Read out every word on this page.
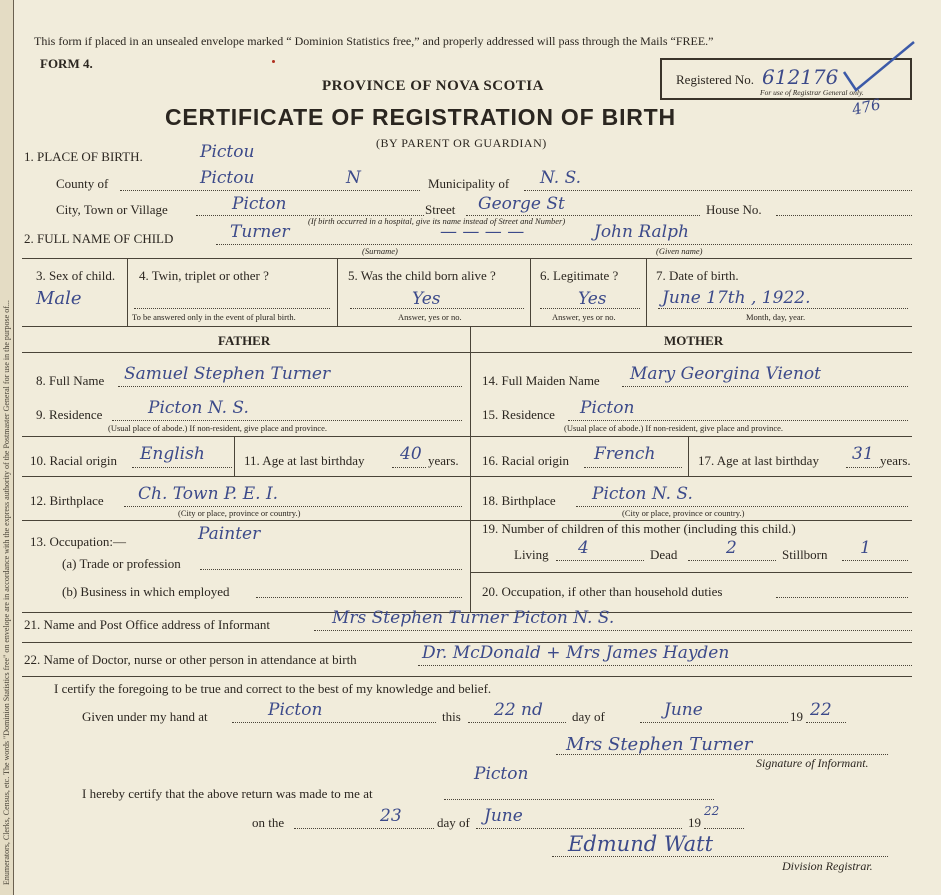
Enumerators, Clerks, Census, etc. The words "Dominion Statistics free" on envelope are in accordance with the express authority of the Postmaster General for use in the purpose of...
This form if placed in an unsealed envelope marked “ Dominion Statistics free,” and properly addressed will pass through the Mails “FREE.”
FORM 4.
PROVINCE OF NOVA SCOTIA
CERTIFICATE OF REGISTRATION OF BIRTH
(BY PARENT OR GUARDIAN)
Registered No. 612176
For use of Registrar General only.
476
1. PLACE OF BIRTH.	Pictou
County of	Pictou	N	Municipality of N. S.
City, Town or Village	Picton	Street George St	House No.
(If birth occurred in a hospital, give its name instead of Street and Number)
2. FULL NAME OF CHILD	Turner	— — — —	John Ralph
(Surname)	(Given name)
3. Sex of child.
Male
4. Twin, triplet or other ?
To be answered only in the event of plural birth.
5. Was the child born alive ?
Yes
Answer, yes or no.
6. Legitimate ?
Yes
Answer, yes or no.
7. Date of birth.
June 17th , 1922.
Month, day, year.
FATHER	MOTHER
8. Full Name Samuel Stephen Turner
9. Residence	Picton N. S.
(Usual place of abode.) If non-resident, give place and province.
10. Racial origin English	11. Age at last birthday 40 years.
12. Birthplace Ch. Town P. E. I.
(City or place, province or country.)
13. Occupation:—	Painter
(a) Trade or profession
(b) Business in which employed
14. Full Maiden Name Mary Georgina Vienot
15. Residence Picton
(Usual place of abode.) If non-resident, give place and province.
16. Racial origin French	17. Age at last birthday 31 years.
18. Birthplace Picton N. S.
(City or place, province or country.)
19. Number of children of this mother (including this child.)
Living 4	Dead	2	Stillborn 1
20. Occupation, if other than household duties
21. Name and Post Office address of Informant	Mrs Stephen Turner Picton N. S.
22. Name of Doctor, nurse or other person in attendance at birth	Dr. McDonald + Mrs James Hayden
I certify the foregoing to be true and correct to the best of my knowledge and belief.
Given under my hand at	Picton	this 22 nd day of	June	19 22
Mrs Stephen Turner
Signature of Informant.
Picton
I hereby certify that the above return was made to me at
on the	23	day of June	19
22
Edmund Watt
Division Registrar.
